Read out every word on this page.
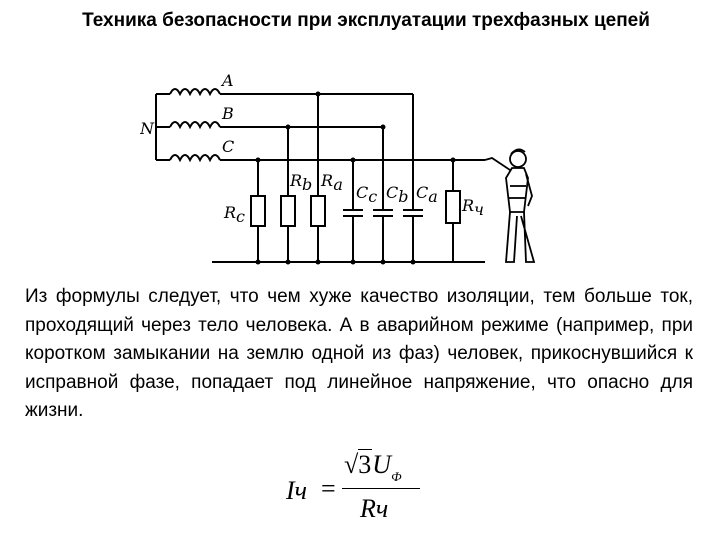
Техника безопасности при эксплуатации трехфазных цепей
N
A
B
C
Rc
Rb Ra Cc Cb Ca Rч
Из формулы следует, что чем хуже качество изоляции, тем больше ток, проходящий через тело человека. А в аварийном режиме (например, при коротком замыкании на землю одной из фаз) человек, прикоснувшийся к исправной фазе, попадает под линейное напряжение, что опасно для жизни.
Iч =
$√3U_Ф$
Rч
